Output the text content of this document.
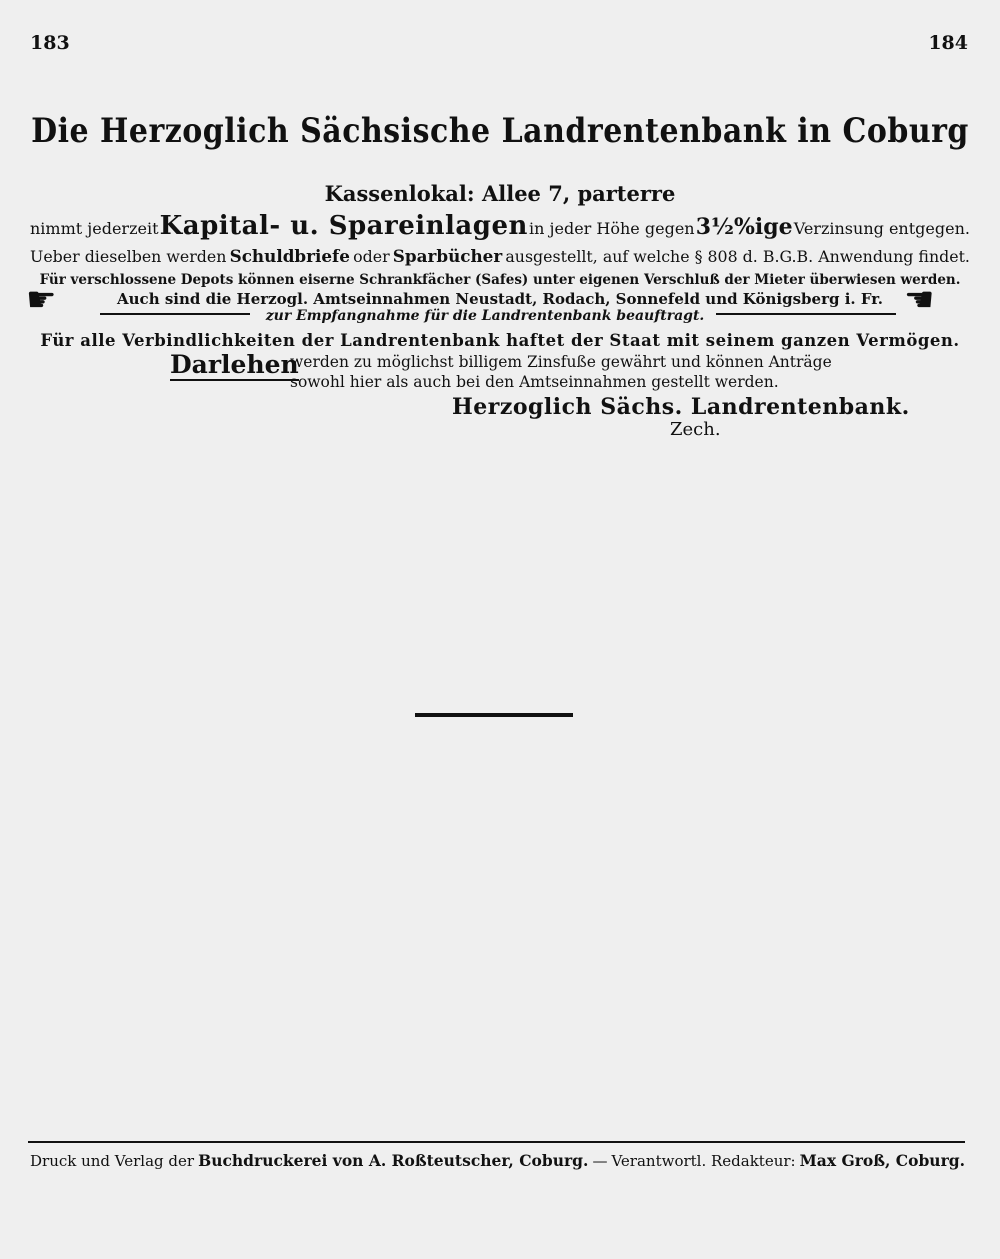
183	184
Die Herzoglich Sächsische Landrentenbank in Coburg
Kassenlokal: Allee 7, parterre
nimmt jederzeit Kapital- u. Spareinlagen in jeder Höhe gegen 3½%ige Verzinsung entgegen.
Ueber dieselben werden Schuldbriefe oder Sparbücher ausgestellt, auf welche § 808 d. B.G.B. Anwendung findet.
Für verschlossene Depots können eiserne Schrankfächer (Safes) unter eigenen Verschluß der Mieter überwiesen werden.
☛	☛
Auch sind die Herzogl. Amtseinnahmen Neustadt, Rodach, Sonnefeld und Königsberg i. Fr.
zur Empfangnahme für die Landrentenbank beauftragt.
Für alle Verbindlichkeiten der Landrentenbank haftet der Staat mit seinem ganzen Vermögen.
Darlehen
werden zu möglichst billigem Zinsfuße gewährt und können Anträge
sowohl hier als auch bei den Amtseinnahmen gestellt werden.
Herzoglich Sächs. Landrentenbank.
Zech.
Druck und Verlag der Buchdruckerei von A. Roßteutscher, Coburg. — Verantwortl. Redakteur: Max Groß, Coburg.
